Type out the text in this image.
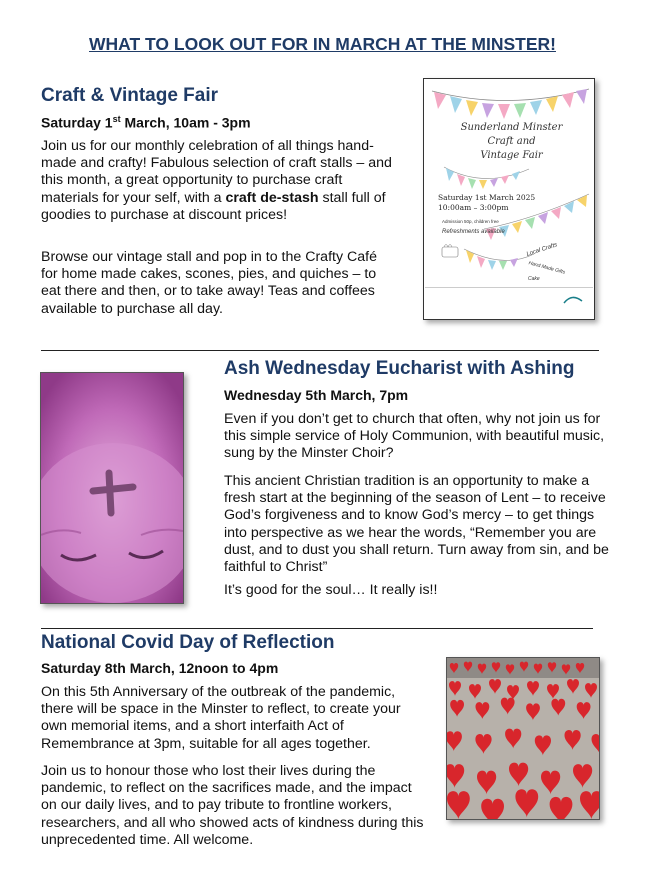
WHAT TO LOOK OUT FOR IN MARCH AT THE MINSTER!
Craft & Vintage Fair
Saturday 1st March, 10am - 3pm

Join us for our monthly celebration of all things hand-made and crafty! Fabulous selection of craft stalls – and this month, a great opportunity to purchase craft materials for your self, with a craft de-stash stall full of goodies to purchase at discount prices!

Browse our vintage stall and pop in to the Crafty Café for home made cakes, scones, pies, and quiches – to eat there and then, or to take away! Teas and coffees available to purchase all day.

Sunderland Minster
Craft and
Vintage Fair
Saturday 1st March 2025
10:00am – 3:00pm
Admission 50p, children free
Refreshments available
Local Crafts
Hand Made Gifts
Cake
Ash Wednesday Eucharist with Ashing
Wednesday 5th March, 7pm

Even if you don’t get to church that often, why not join us for this simple service of Holy Communion, with beautiful music, sung by the Minster Choir?

This ancient Christian tradition is an opportunity to make a fresh start at the beginning of the season of Lent – to receive God’s forgiveness and to know God’s mercy – to get things into perspective as we hear the words, “Remember you are dust, and to dust you shall return. Turn away from sin, and be faithful to Christ”

It’s good for the soul… It really is!!

National Covid Day of Reflection
Saturday 8th March, 12noon to 4pm

On this 5th Anniversary of the outbreak of the pandemic, there will be space in the Minster to reflect, to create your own memorial items, and a short interfaith Act of Remembrance at 3pm, suitable for all ages together.

Join us to honour those who lost their lives during the pandemic, to reflect on the sacrifices made, and the impact on our daily lives, and to pay tribute to frontline workers, researchers, and all who showed acts of kindness during this unprecedented time. All welcome.
